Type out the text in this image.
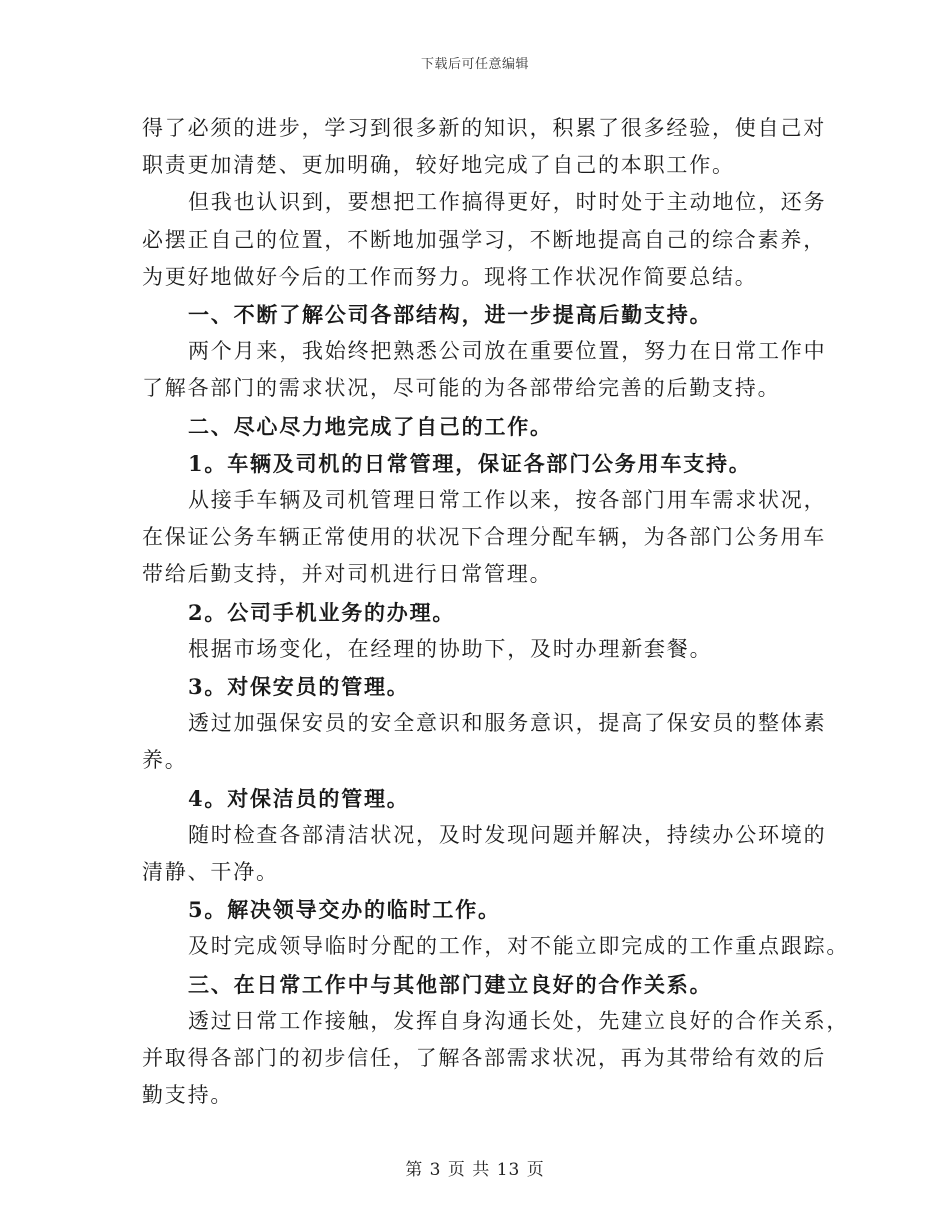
下载后可任意编辑
得了必须的进步，学习到很多新的知识，积累了很多经验，使自己对
职责更加清楚、更加明确，较好地完成了自己的本职工作。
但我也认识到，要想把工作搞得更好，时时处于主动地位，还务
必摆正自己的位置，不断地加强学习，不断地提高自己的综合素养，
为更好地做好今后的工作而努力。现将工作状况作简要总结。
一、不断了解公司各部结构，进一步提高后勤支持。
两个月来，我始终把熟悉公司放在重要位置，努力在日常工作中
了解各部门的需求状况，尽可能的为各部带给完善的后勤支持。
二、尽心尽力地完成了自己的工作。
1。车辆及司机的日常管理，保证各部门公务用车支持。
从接手车辆及司机管理日常工作以来，按各部门用车需求状况，
在保证公务车辆正常使用的状况下合理分配车辆，为各部门公务用车
带给后勤支持，并对司机进行日常管理。
2。公司手机业务的办理。
根据市场变化，在经理的协助下，及时办理新套餐。
3。对保安员的管理。
透过加强保安员的安全意识和服务意识，提高了保安员的整体素
养。
4。对保洁员的管理。
随时检查各部清洁状况，及时发现问题并解决，持续办公环境的
清静、干净。
5。解决领导交办的临时工作。
及时完成领导临时分配的工作，对不能立即完成的工作重点跟踪。
三、在日常工作中与其他部门建立良好的合作关系。
透过日常工作接触，发挥自身沟通长处，先建立良好的合作关系，
并取得各部门的初步信任，了解各部需求状况，再为其带给有效的后
勤支持。
第 3 页 共 13 页
